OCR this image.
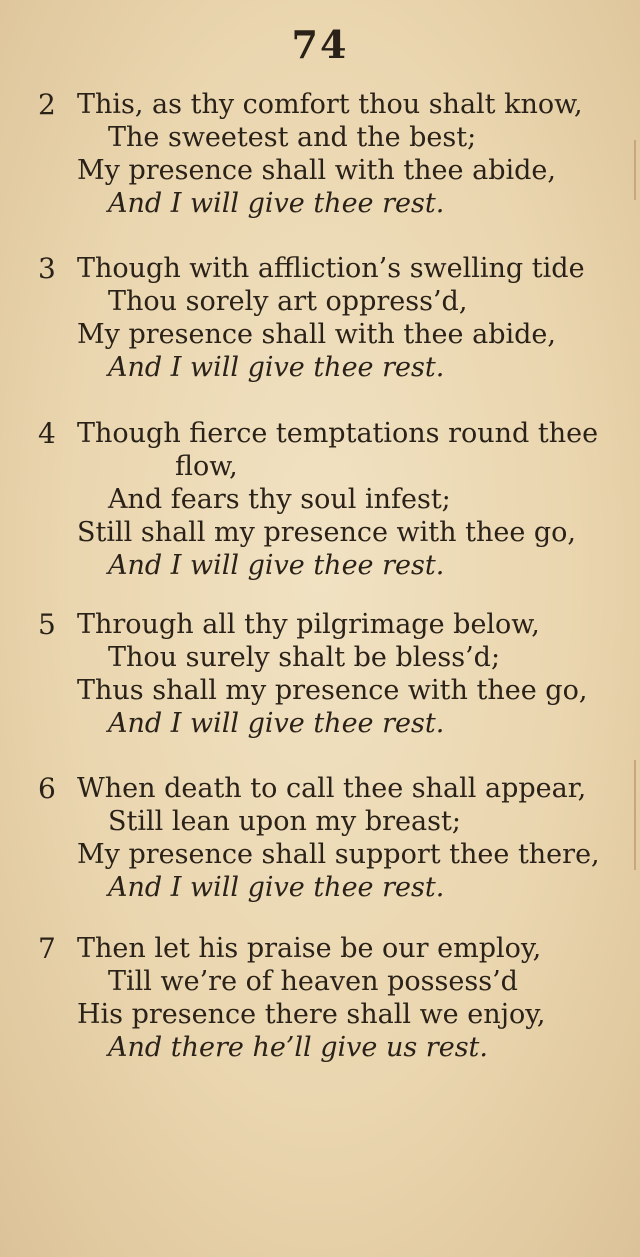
74
2 This, as thy comfort thou shalt know,
The sweetest and the best;
My presence shall with thee abide,
And I will give thee rest.
3 Though with affliction’s swelling tide
Thou sorely art oppress’d,
My presence shall with thee abide,
And I will give thee rest.
4 Though fierce temptations round thee
flow,
And fears thy soul infest;
Still shall my presence with thee go,
And I will give thee rest.
5 Through all thy pilgrimage below,
Thou surely shalt be bless’d;
Thus shall my presence with thee go,
And I will give thee rest.
6 When death to call thee shall appear,
Still lean upon my breast;
My presence shall support thee there,
And I will give thee rest.
7 Then let his praise be our employ,
Till we’re of heaven possess’d
His presence there shall we enjoy,
And there he’ll give us rest.
